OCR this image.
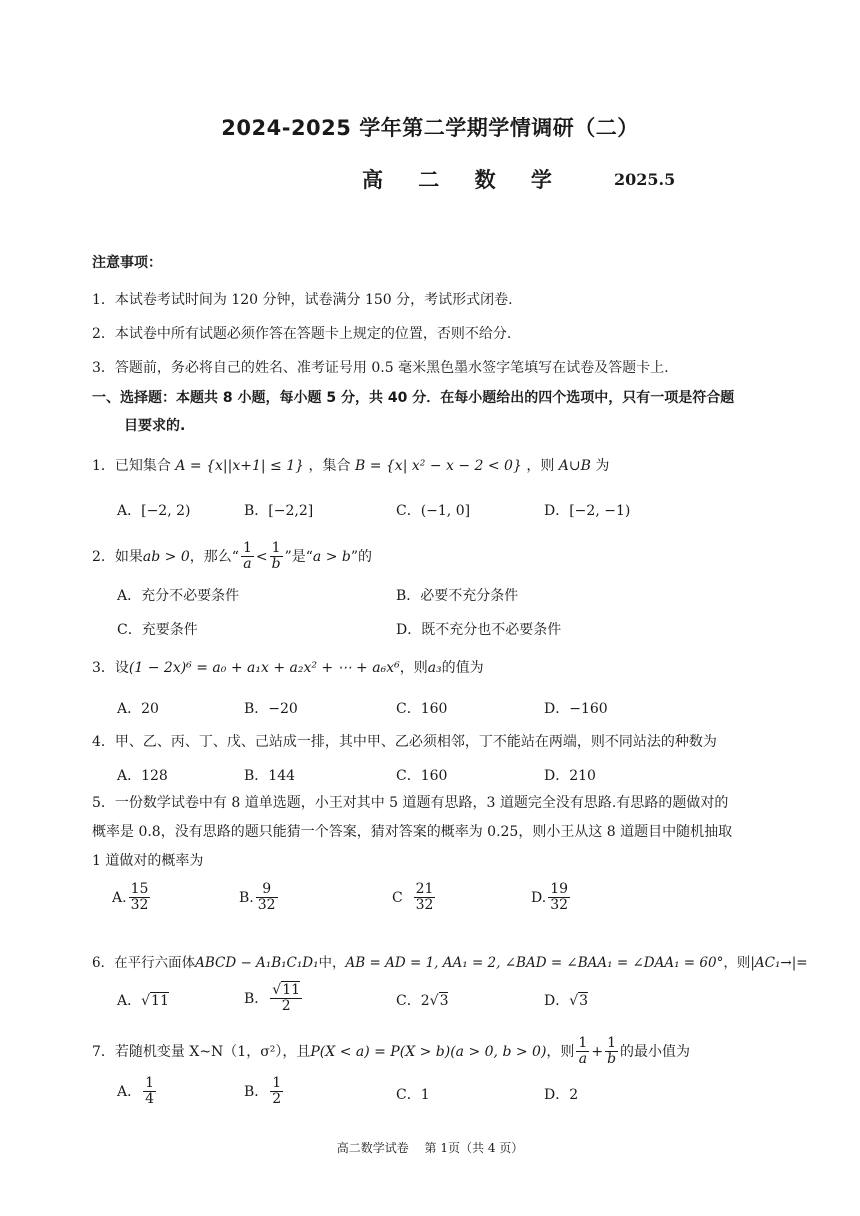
2024-2025 学年第二学期学情调研（二）
高 二 数 学	2025.5
注意事项：
1．本试卷考试时间为 120 分钟，试卷满分 150 分，考试形式闭卷.
2．本试卷中所有试题必须作答在答题卡上规定的位置，否则不给分.
3．答题前，务必将自己的姓名、准考证号用 0.5 毫米黑色墨水签字笔填写在试卷及答题卡上.
一、选择题：本题共 8 小题，每小题 5 分，共 40 分．在每小题给出的四个选项中，只有一项是符合题
目要求的.
1．已知集合 A = {x||x+1| ≤ 1} ，集合 B = {x| x² − x − 2 < 0} ，则 A∪B 为
A．[−2, 2)	B．[−2,2]	C．(−1, 0]	D．[−2, −1)
2．如果ab > 0，那么“ $\frac{1}{a} < \frac{1}{b}$ ”是“a > b”的
A．充分不必要条件	B．必要不充分条件
C．充要条件	D．既不充分也不必要条件
3．设(1 − 2x)⁶ = a₀ + a₁x + a₂x² + ⋯ + a₆x⁶，则a₃的值为
A．20	B．−20	C．160	D．−160
4．甲、乙、丙、丁、戊、己站成一排，其中甲、乙必须相邻，丁不能站在两端，则不同站法的种数为
A．128	B．144	C．160	D．210
5．一份数学试卷中有 8 道单选题，小王对其中 5 道题有思路，3 道题完全没有思路.有思路的题做对的
概率是 0.8，没有思路的题只能猜一个答案，猜对答案的概率为 0.25，则小王从这 8 道题目中随机抽取
1 道做对的概率为
A. $\frac{15}{32}$	B. $\frac{9}{32}$	C $\frac{21}{32}$	D. $\frac{19}{32}$
6．在平行六面体ABCD − A₁B₁C₁D₁中，AB = AD = 1, AA₁ = 2, ∠BAD = ∠BAA₁ = ∠DAA₁ = 60°，则|AC₁→|=
A．√11	B． $\frac{√11}{2}$	C．2√3	D．√3
7．若随机变量 X~N（1，σ²），且P(X < a) = P(X > b)(a > 0, b > 0)，则 $\frac{1}{a} + \frac{1}{b}$ 的最小值为
A． $\frac{1}{4}$	B． $\frac{1}{2}$	C．1	D．2
高二数学试卷　 第 1页（共 4 页）
